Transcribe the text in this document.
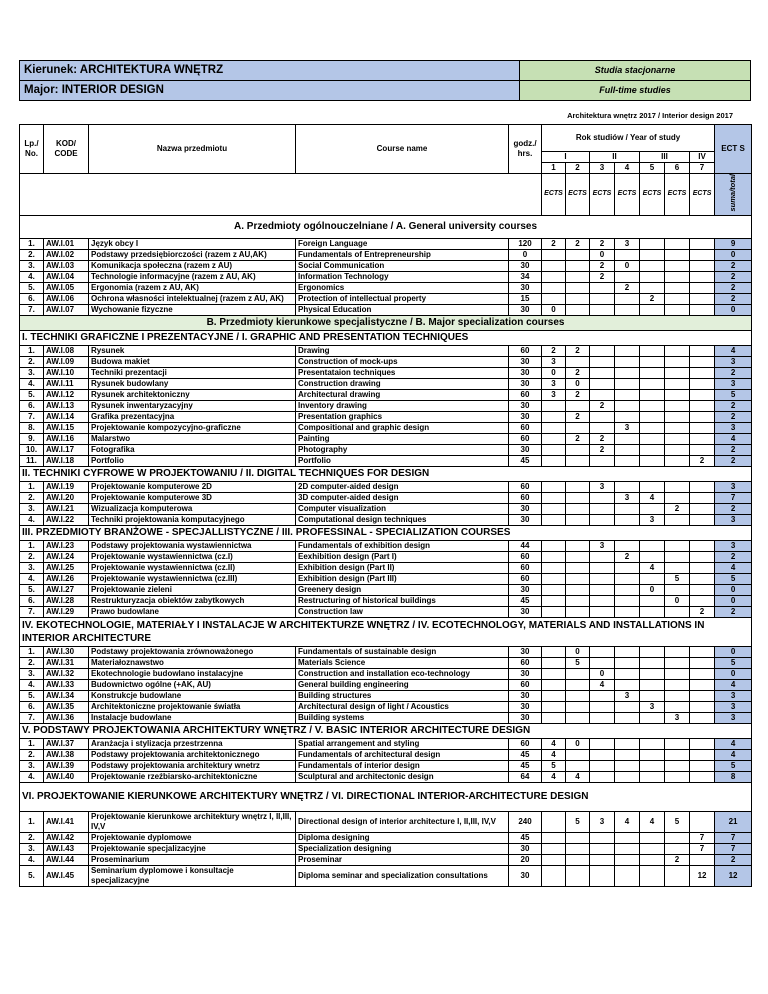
Kierunek: ARCHITEKTURA WNĘTRZ	Studia stacjonarne
Major: INTERIOR DESIGN	Full-time studies
Architektura wnętrz 2017 / Interior design 2017
Lp./ No.	KOD/ CODE	Nazwa przedmiotu	Course name	godz./ hrs.	Rok studiów / Year of study							ECT S
					I		II		III		IV	
					1	2	3	4	5	6	7	
					ECTS	ECTS	ECTS	ECTS	ECTS	ECTS	ECTS	suma/total
A. Przedmioty ogólnouczelniane / A. General university courses												
1.	AW.I.01	Język obcy I	Foreign Language	120	2	2	2	3				9
2.	AW.I.02	Podstawy przedsiębiorczości (razem z AU,AK)	Fundamentals of Entrepreneurship	0			0					0
3.	AW.I.03	Komunikacja społeczna (razem z AU)	Social Communication	30			2	0				2
4.	AW.I.04	Technologie informacyjne (razem z AU, AK)	Information Technology	34			2					2
5.	AW.I.05	Ergonomia (razem z AU, AK)	Ergonomics	30				2				2
6.	AW.I.06	Ochrona własności intelektualnej (razem z AU, AK)	Protection of intellectual property	15					2			2
7.	AW.I.07	Wychowanie fizyczne	Physical Education	30	0							0
B. Przedmioty kierunkowe specjalistyczne / B. Major specialization courses												
I. TECHNIKI GRAFICZNE I PREZENTACYJNE / I. GRAPHIC AND PRESENTATION TECHNIQUES												
1.	AW.I.08	Rysunek	Drawing	60	2	2						4
2.	AW.I.09	Budowa makiet	Construction of mock-ups	30	3							3
3.	AW.I.10	Techniki prezentacji	Presentataion techniques	30	0	2						2
4.	AW.I.11	Rysunek budowlany	Construction drawing	30	3	0						3
5.	AW.I.12	Rysunek architektoniczny	Architectural drawing	60	3	2						5
6.	AW.I.13	Rysunek inwentaryzacyjny	Inventory drawing	30			2					2
7.	AW.I.14	Grafika prezentacyjna	Presentation graphics	30		2						2
8.	AW.I.15	Projektowanie kompozycyjno-graficzne	Compositional and graphic design	60				3				3
9.	AW.I.16	Malarstwo	Painting	60		2	2					4
10.	AW.I.17	Fotografika	Photography	30			2					2
11.	AW.I.18	Portfolio	Portfolio	45							2	2
II. TECHNIKI CYFROWE W PROJEKTOWANIU / II. DIGITAL TECHNIQUES FOR DESIGN												
1.	AW.I.19	Projektowanie komputerowe 2D	2D computer-aided design	60			3					3
2.	AW.I.20	Projektowanie komputerowe 3D	3D computer-aided design	60				3	4			7
3.	AW.I.21	Wizualizacja komputerowa	Computer visualization	30						2		2
4.	AW.I.22	Techniki projektowania komputacyjnego	Computational design techniques	30					3			3
III. PRZEDMIOTY BRANŻOWE - SPECJALLISTYCZNE / III. PROFESSINAL - SPECIALIZATION COURSES												
1.	AW.I.23	Podstawy projektowania wystawiennictwa	Fundamentals of exhibition design	44			3					3
2.	AW.I.24	Projektowanie wystawiennictwa (cz.I)	Eexhibition design (Part I)	60				2				2
3.	AW.I.25	Projektowanie wystawiennictwa (cz.II)	Exhibition design (Part II)	60					4			4
4.	AW.I.26	Projektowanie wystawiennictwa (cz.III)	Exhibition design (Part III)	60						5		5
5.	AW.I.27	Projektowanie zieleni	Greenery design	30					0			0
6.	AW.I.28	Restrukturyzacja obiektów zabytkowych	Restructuring of historical buildings	45						0		0
7.	AW.I.29	Prawo budowlane	Construction law	30							2	2
IV. EKOTECHNOLOGIE, MATERIAŁY I INSTALACJE W ARCHITEKTURZE WNĘTRZ / IV. ECOTECHNOLOGY, MATERIALS AND INSTALLATIONS IN INTERIOR ARCHITECTURE												
1.	AW.I.30	Podstawy projektowania zrównoważonego	Fundamentals of sustainable design	30		0						0
2.	AW.I.31	Materiałoznawstwo	Materials Science	60		5						5
3.	AW.I.32	Ekotechnologie budowlano instalacyjne	Construction and installation eco-technology	30			0					0
4.	AW.I.33	Budownictwo ogólne (+AK, AU)	General building engineering	60			4					4
5.	AW.I.34	Konstrukcje budowlane	Building structures	30				3				3
6.	AW.I.35	Architektoniczne projektowanie światła	Architectural design of light / Acoustics	30					3			3
7.	AW.I.36	Instalacje budowlane	Building systems	30						3		3
V. PODSTAWY PROJEKTOWANIA ARCHITEKTURY WNĘTRZ / V. BASIC INTERIOR ARCHITECTURE DESIGN												
1.	AW.I.37	Aranżacja i stylizacja przestrzenna	Spatial arrangement and styling	60	4	0						4
2.	AW.I.38	Podstawy projektowania architektonicznego	Fundamentals of architectural design	45	4							4
3.	AW.I.39	Podstawy projektowania architektury wnetrz	Fundamentals of interior design	45	5							5
4.	AW.I.40	Projektowanie rzeźbiarsko-architektoniczne	Sculptural and architectonic design	64	4	4						8
VI. PROJEKTOWANIE KIERUNKOWE ARCHITEKTURY WNĘTRZ / VI. DIRECTIONAL INTERIOR-ARCHITECTURE DESIGN												
1.	AW.I.41	Projektowanie kierunkowe architektury wnętrz I, II,III, IV,V	Directional design of interior architecture I, II,III, IV,V	240		5	3	4	4	5		21
2.	AW.I.42	Projektowanie dyplomowe	Diploma designing	45							7	7
3.	AW.I.43	Projektowanie specjalizacyjne	Specialization designing	30							7	7
4.	AW.I.44	Proseminarium	Proseminar	20						2		2
5.	AW.I.45	Seminarium dyplomowe i konsultacje specjalizacyjne	Diploma seminar and specialization consultations	30							12	12
